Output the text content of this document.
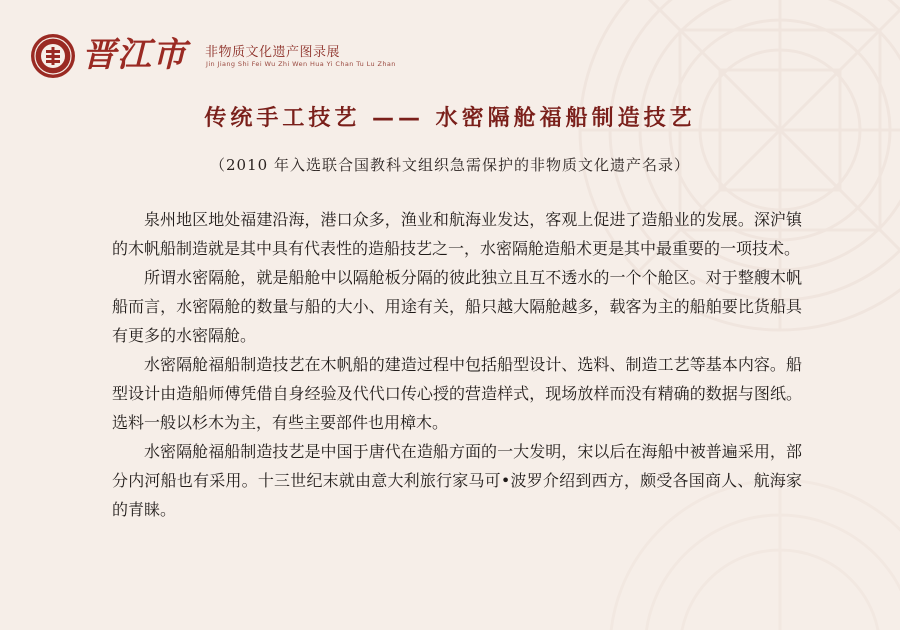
晋江市 非物质文化遗产图录展
Jin Jiang Shi Fei Wu Zhi Wen Hua Yi Chan Tu Lu Zhan
传统手工技艺 —— 水密隔舱福船制造技艺
（2010 年入选联合国教科文组织急需保护的非物质文化遗产名录）

泉州地区地处福建沿海，港口众多，渔业和航海业发达，客观上促进了造船业的发展。深沪镇的木帆船制造就是其中具有代表性的造船技艺之一，水密隔舱造船术更是其中最重要的一项技术。

所谓水密隔舱，就是船舱中以隔舱板分隔的彼此独立且互不透水的一个个舱区。对于整艘木帆船而言，水密隔舱的数量与船的大小、用途有关，船只越大隔舱越多，载客为主的船舶要比货船具有更多的水密隔舱。

水密隔舱福船制造技艺在木帆船的建造过程中包括船型设计、选料、制造工艺等基本内容。船型设计由造船师傅凭借自身经验及代代口传心授的营造样式，现场放样而没有精确的数据与图纸。选料一般以杉木为主，有些主要部件也用樟木。

水密隔舱福船制造技艺是中国于唐代在造船方面的一大发明，宋以后在海船中被普遍采用，部分内河船也有采用。十三世纪末就由意大利旅行家马可•波罗介绍到西方，颇受各国商人、航海家的青睐。
